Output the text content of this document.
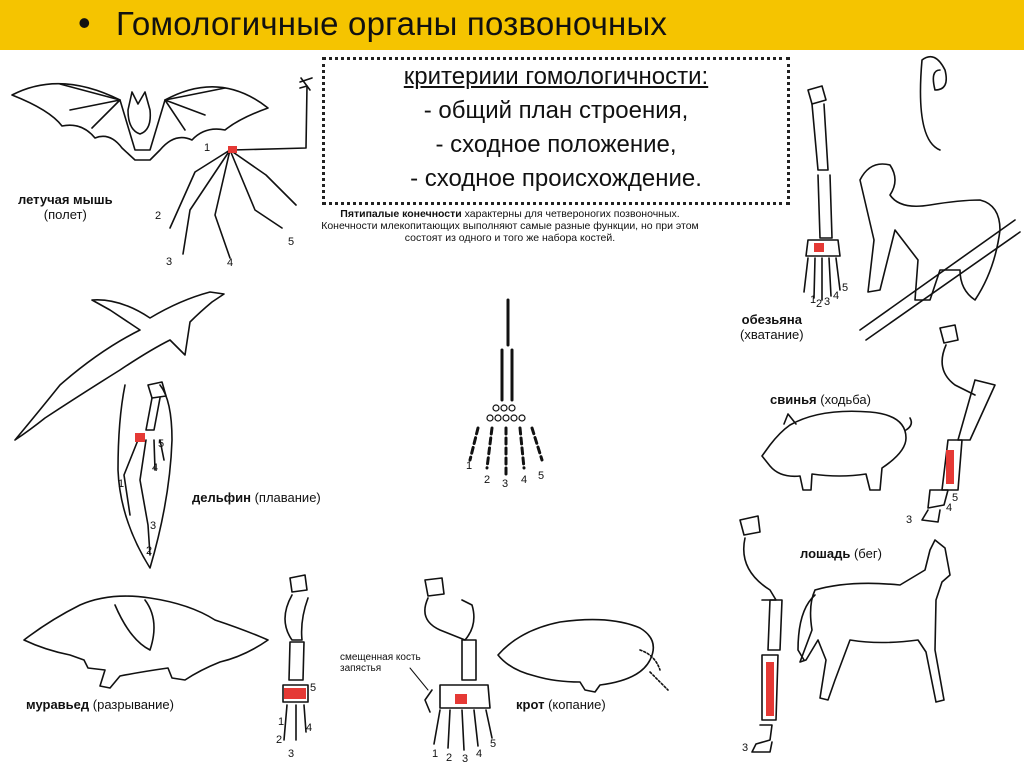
• Гомологичные органы позвоночных
критериии гомологичности:
- общий план строения,
- сходное положение,
- сходное происхождение.
Пятипалые конечности характерны для четвероногих позвоночных. Конечности млекопитающих выполняют самые разные функции, но при этом состоят из одного и того же набора костей.
летучая мышь
(полет)
обезьяна
(хватание)
свинья (ходьба)
дельфин (плавание)
лошадь (бег)
муравьед (разрывание)	крот (копание)
смещенная кость запястья
1
2 3 4 5
1
2
3	4
5
1 2 3 4
5
1
2
3
4
5
3
4
5
3
5
2
3
4
1
1 2 3 4
5
